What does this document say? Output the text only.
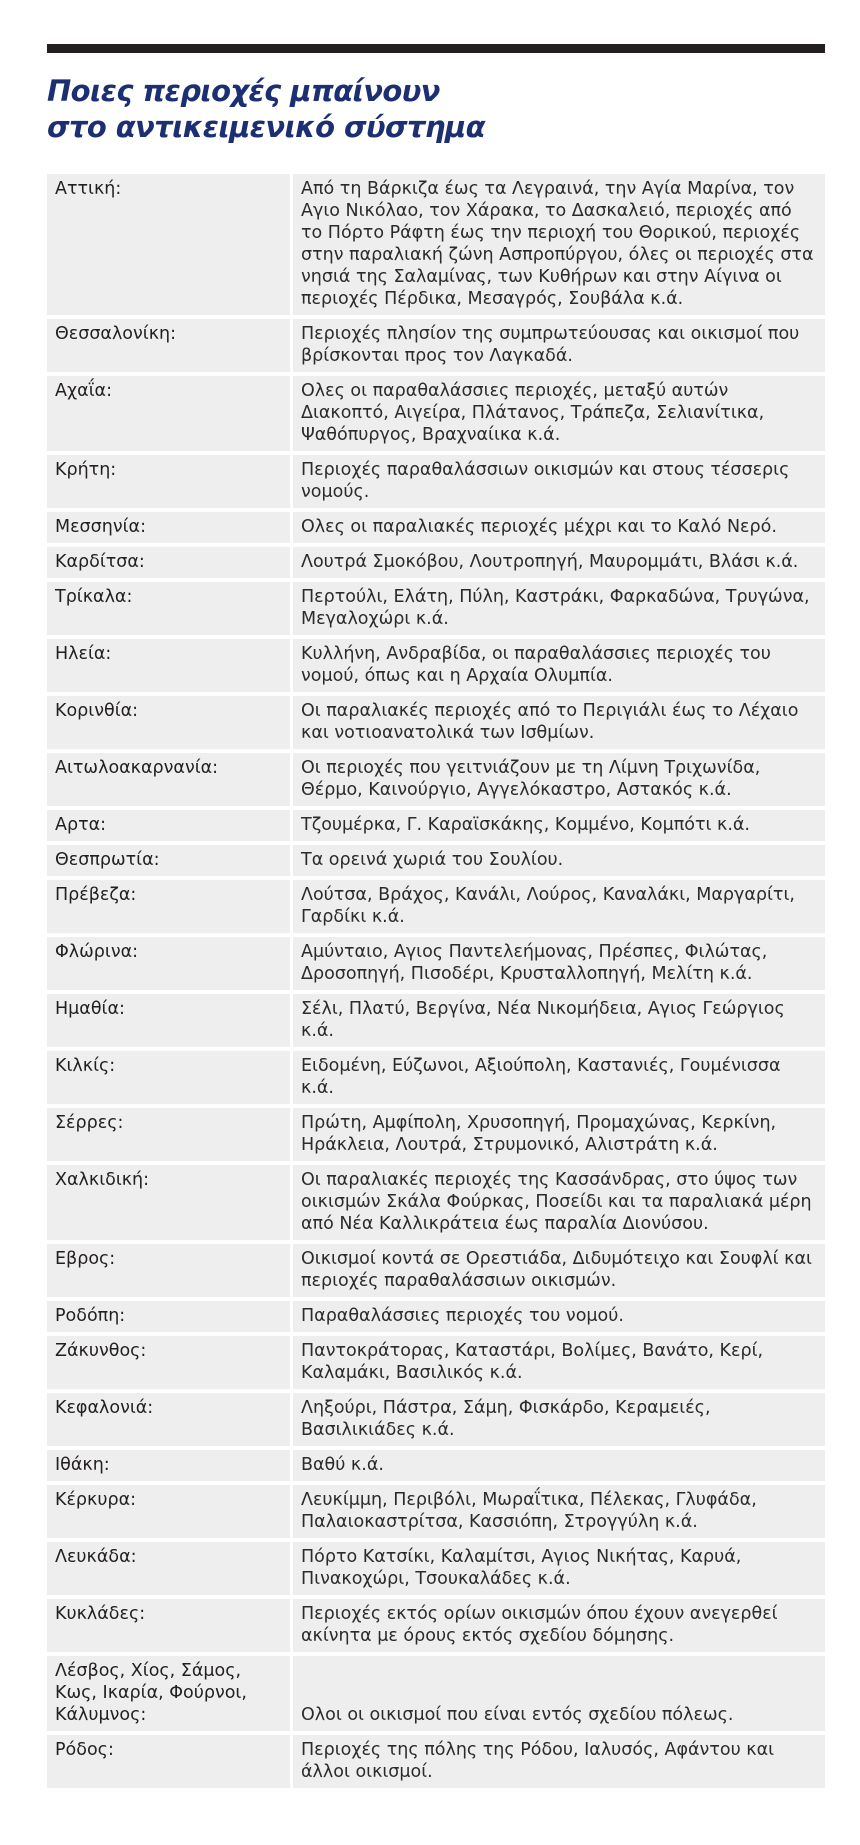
Ποιες περιοχές μπαίνουν
στο αντικειμενικό σύστημα
Αττική:	Από τη Βάρκιζα έως τα Λεγραινά, την Αγία Μαρίνα, τον Αγιο Νικόλαο, τον Χάρακα, το Δασκαλειό, περιοχές από το Πόρτο Ράφτη έως την περιοχή του Θορικού, περιοχές στην παραλιακή ζώνη Ασπροπύργου, όλες οι περιοχές στα νησιά της Σαλαμίνας, των Κυθήρων και στην Αίγινα οι περιοχές Πέρδικα, Μεσαγρός, Σουβάλα κ.ά.
Θεσσαλονίκη:	Περιοχές πλησίον της συμπρωτεύουσας και οικισμοί που βρίσκονται προς τον Λαγκαδά.
Αχαΐα:	Ολες οι παραθαλάσσιες περιοχές, μεταξύ αυτών Διακοπτό, Αιγείρα, Πλάτανος, Τράπεζα, Σελιανίτικα, Ψαθόπυργος, Βραχναίικα κ.ά.
Κρήτη:	Περιοχές παραθαλάσσιων οικισμών και στους τέσσερις νομούς.
Μεσσηνία:	Ολες οι παραλιακές περιοχές μέχρι και το Καλό Νερό.
Καρδίτσα:	Λουτρά Σμοκόβου, Λουτροπηγή, Μαυρομμάτι, Βλάσι κ.ά.
Τρίκαλα:	Περτούλι, Ελάτη, Πύλη, Καστράκι, Φαρκαδώνα, Τρυγώνα, Μεγαλοχώρι κ.ά.
Ηλεία:	Κυλλήνη, Ανδραβίδα, οι παραθαλάσσιες περιοχές του νομού, όπως και η Αρχαία Ολυμπία.
Κορινθία:	Οι παραλιακές περιοχές από το Περιγιάλι έως το Λέχαιο και νοτιοανατολικά των Ισθμίων.
Αιτωλοακαρνανία:	Οι περιοχές που γειτνιάζουν με τη Λίμνη Τριχωνίδα, Θέρμο, Καινούργιο, Αγγελόκαστρο, Αστακός κ.ά.
Αρτα:	Τζουμέρκα, Γ. Καραϊσκάκης, Κομμένο, Κομπότι κ.ά.
Θεσπρωτία:	Τα ορεινά χωριά του Σουλίου.
Πρέβεζα:	Λούτσα, Βράχος, Κανάλι, Λούρος, Καναλάκι, Μαργαρίτι, Γαρδίκι κ.ά.
Φλώρινα:	Αμύνταιο, Αγιος Παντελεήμονας, Πρέσπες, Φιλώτας, Δροσοπηγή, Πισοδέρι, Κρυσταλλοπηγή, Μελίτη κ.ά.
Ημαθία:	Σέλι, Πλατύ, Βεργίνα, Νέα Νικομήδεια, Αγιος Γεώργιος κ.ά.
Κιλκίς:	Ειδομένη, Εύζωνοι, Αξιούπολη, Καστανιές, Γουμένισσα κ.ά.
Σέρρες:	Πρώτη, Αμφίπολη, Χρυσοπηγή, Προμαχώνας, Κερκίνη, Ηράκλεια, Λουτρά, Στρυμονικό, Αλιστράτη κ.ά.
Χαλκιδική:	Οι παραλιακές περιοχές της Κασσάνδρας, στο ύψος των οικισμών Σκάλα Φούρκας, Ποσείδι και τα παραλιακά μέρη από Νέα Καλλικράτεια έως παραλία Διονύσου.
Εβρος:	Οικισμοί κοντά σε Ορεστιάδα, Διδυμότειχο και Σουφλί και περιοχές παραθαλάσσιων οικισμών.
Ροδόπη:	Παραθαλάσσιες περιοχές του νομού.
Ζάκυνθος:	Παντοκράτορας, Καταστάρι, Βολίμες, Βανάτο, Κερί, Καλαμάκι, Βασιλικός κ.ά.
Κεφαλονιά:	Ληξούρι, Πάστρα, Σάμη, Φισκάρδο, Κεραμειές, Βασιλικιάδες κ.ά.
Ιθάκη:	Βαθύ κ.ά.
Κέρκυρα:	Λευκίμμη, Περιβόλι, Μωραΐτικα, Πέλεκας, Γλυφάδα, Παλαιοκαστρίτσα, Κασσιόπη, Στρογγύλη κ.ά.
Λευκάδα:	Πόρτο Κατσίκι, Καλαμίτσι, Αγιος Νικήτας, Καρυά, Πινακοχώρι, Τσουκαλάδες κ.ά.
Κυκλάδες:	Περιοχές εκτός ορίων οικισμών όπου έχουν ανεγερθεί ακίνητα με όρους εκτός σχεδίου δόμησης.
Λέσβος, Χίος, Σάμος, Κως, Ικαρία, Φούρνοι, Κάλυμνος:	Ολοι οι οικισμοί που είναι εντός σχεδίου πόλεως.
Ρόδος:	Περιοχές της πόλης της Ρόδου, Ιαλυσός, Αφάντου και άλλοι οικισμοί.
